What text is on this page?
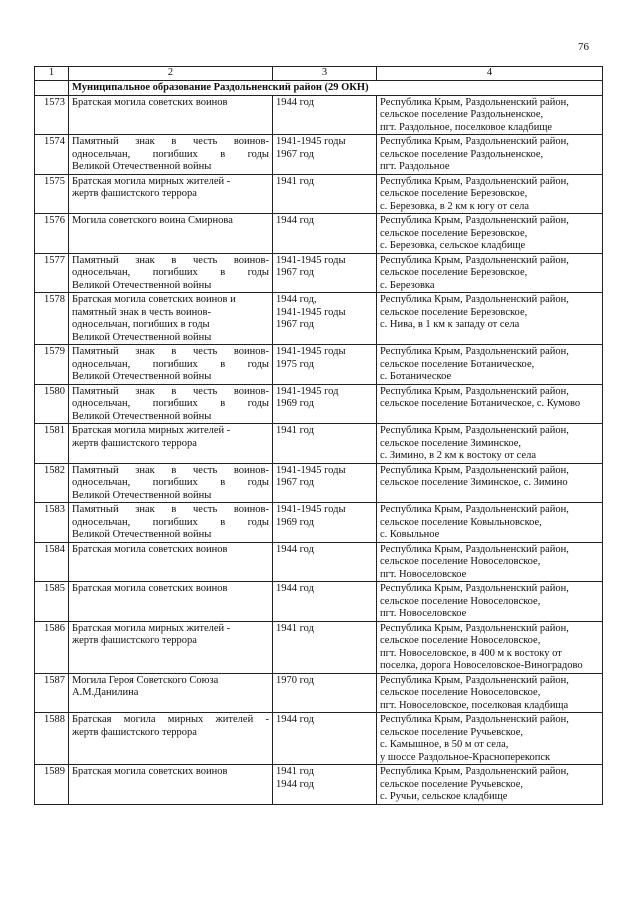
76
1	2	3	4
	Муниципальное образование Раздольненский район (29 ОКН)		
1573	Братская могила советских воинов	1944 год	Республика Крым, Раздольненский район,
сельское поселение Раздольненское,
пгт. Раздольное, поселковое кладбище

1574	Памятный знак в честь воинов-
односельчан, погибших в годы
Великой Отечественной войны	1941-1945 годы
1967 год	Республика Крым, Раздольненский район,
сельское поселение Раздольненское,
пгт. Раздольное

1575	Братская могила мирных жителей -
жертв фашистского террора	1941 год	Республика Крым, Раздольненский район,
сельское поселение Березовское,
с. Березовка, в 2 км к югу от села

1576	Могила советского воина Смирнова	1944 год	Республика Крым, Раздольненский район,
сельское поселение Березовское,
с. Березовка, сельское кладбище

1577	Памятный знак в честь воинов-
односельчан, погибших в годы
Великой Отечественной войны	1941-1945 годы
1967 год	Республика Крым, Раздольненский район,
сельское поселение Березовское,
с. Березовка

1578	Братская могила советских воинов и
памятный знак в честь воинов-
односельчан, погибших в годы
Великой Отечественной войны	1944 год,
1941-1945 годы
1967 год	Республика Крым, Раздольненский район,
сельское поселение Березовское,
с. Нива, в 1 км к западу от села

1579	Памятный знак в честь воинов-
односельчан, погибших в годы
Великой Отечественной войны	1941-1945 годы
1975 год	Республика Крым, Раздольненский район,
сельское поселение Ботаническое,
с. Ботаническое

1580	Памятный знак в честь воинов-
односельчан, погибших в годы
Великой Отечественной войны	1941-1945 год
1969 год	Республика Крым, Раздольненский район,
сельское поселение Ботаническое, с. Кумово

1581	Братская могила мирных жителей -
жертв фашистского террора	1941 год	Республика Крым, Раздольненский район,
сельское поселение Зиминское,
с. Зимино, в 2 км к востоку от села

1582	Памятный знак в честь воинов-
односельчан, погибших в годы
Великой Отечественной войны	1941-1945 годы
1967 год	Республика Крым, Раздольненский район,
сельское поселение Зиминское, с. Зимино

1583	Памятный знак в честь воинов-
односельчан, погибших в годы
Великой Отечественной войны	1941-1945 годы
1969 год	Республика Крым, Раздольненский район,
сельское поселение Ковыльновское,
с. Ковыльное

1584	Братская могила советских воинов	1944 год	Республика Крым, Раздольненский район,
сельское поселение Новоселовское,
пгт. Новоселовское

1585	Братская могила советских воинов	1944 год	Республика Крым, Раздольненский район,
сельское поселение Новоселовское,
пгт. Новоселовское

1586	Братская могила мирных жителей -
жертв фашистского террора	1941 год	Республика Крым, Раздольненский район,
сельское поселение Новоселовское,
пгт. Новоселовское, в 400 м к востоку от
поселка, дорога Новоселовское-Виноградово

1587	Могила Героя Советского Союза
А.М.Данилина	1970 год	Республика Крым, Раздольненский район,
сельское поселение Новоселовское,
пгт. Новоселовское, поселковая кладбища

1588	Братская могила мирных жителей -
жертв фашистского террора	1944 год	Республика Крым, Раздольненский район,
сельское поселение Ручьевское,
с. Камышное, в 50 м от села,
у шоссе Раздольное-Красноперекопск

1589	Братская могила советских воинов	1941 год
1944 год	Республика Крым, Раздольненский район,
сельское поселение Ручьевское,
с. Ручьи, сельское кладбище
